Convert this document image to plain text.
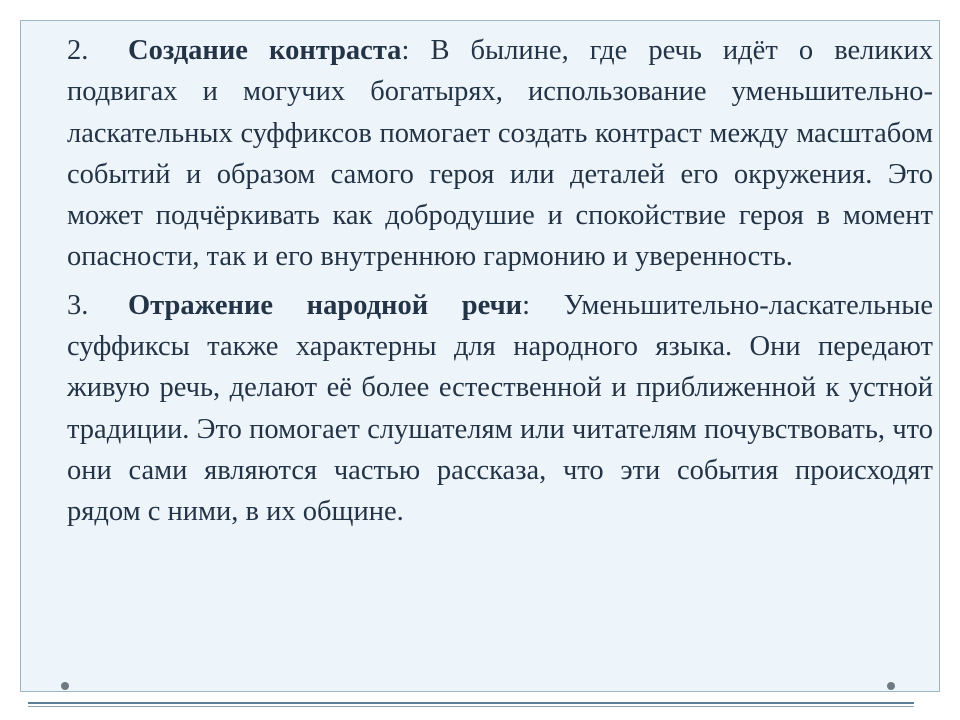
2. Создание контраста: В былине, где речь идёт о великих подвигах и могучих богатырях, использование уменьшительно-ласкательных суффиксов помогает создать контраст между масштабом событий и образом самого героя или деталей его окружения. Это может подчёркивать как добродушие и спокойствие героя в момент опасности, так и его внутреннюю гармонию и уверенность.

3. Отражение народной речи: Уменьшительно-ласкательные суффиксы также характерны для народного языка. Они передают живую речь, делают её более естественной и приближенной к устной традиции. Это помогает слушателям или читателям почувствовать, что они сами являются частью рассказа, что эти события происходят рядом с ними, в их общине.
